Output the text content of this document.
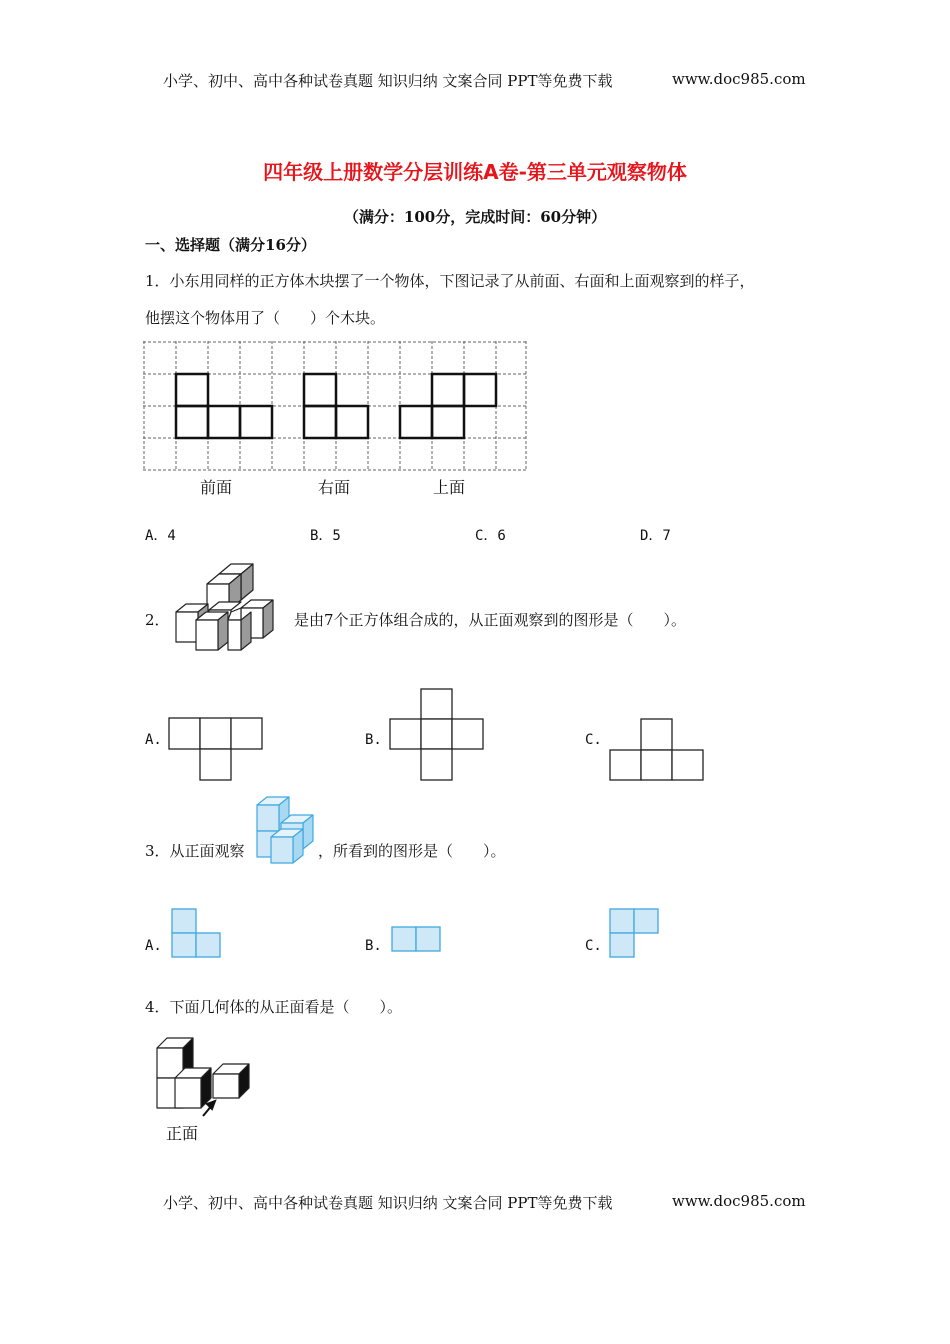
小学、初中、高中各种试卷真题 知识归纳 文案合同 PPT等免费下载	www.doc985.com
四年级上册数学分层训练A卷-第三单元观察物体
（满分：100分，完成时间：60分钟）
一、选择题（满分16分）
1．小东用同样的正方体木块摆了一个物体，下图记录了从前面、右面和上面观察到的样子，
他摆这个物体用了（　　）个木块。
前面	右面	上面
A．4	B．5	C．6	D．7
2．	是由7个正方体组合成的，从正面观察到的图形是（　　）。
A.	B.	C.
3．从正面观察	，所看到的图形是（　　）。
A.	B.	C.
4．下面几何体的从正面看是（　　）。
正面
小学、初中、高中各种试卷真题 知识归纳 文案合同 PPT等免费下载	www.doc985.com
